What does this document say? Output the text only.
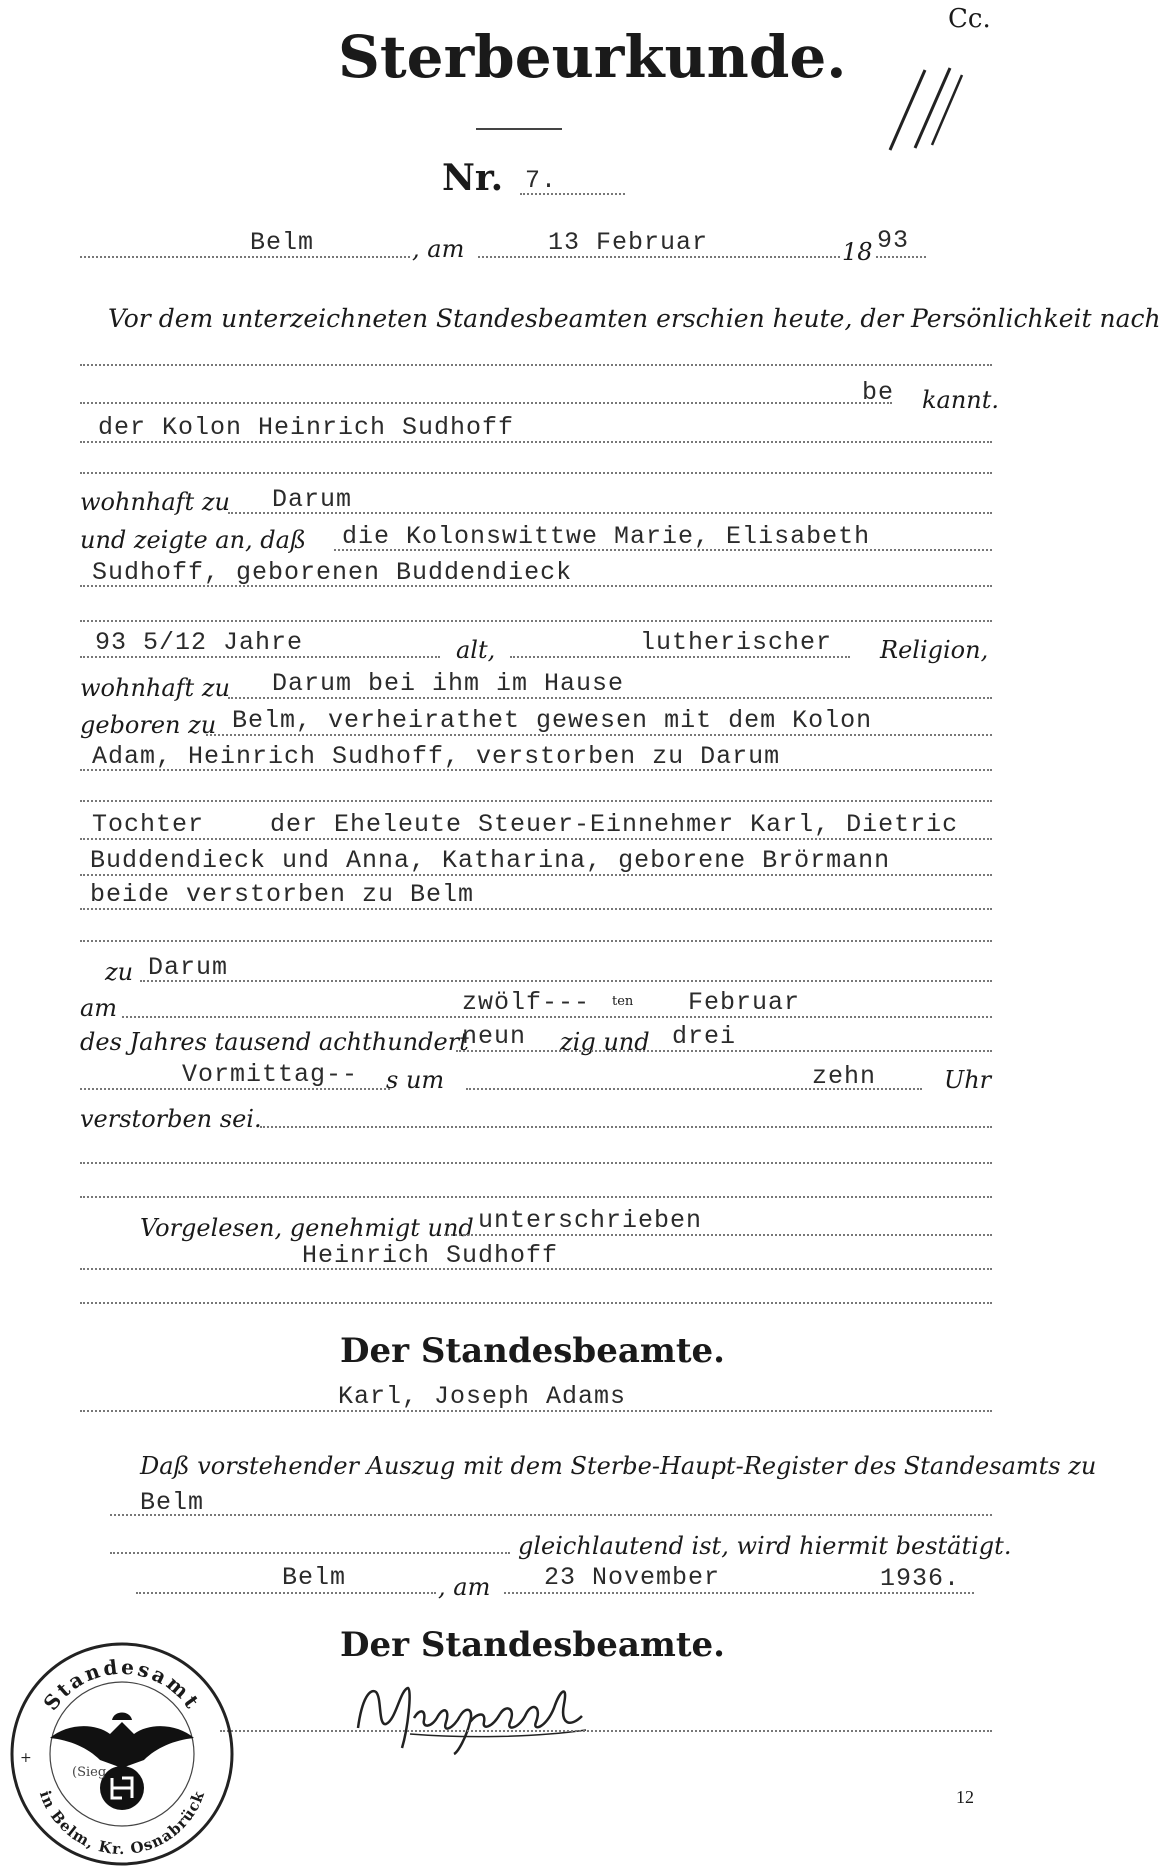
Cc.
Sterbeurkunde.
Nr. 7.
Belm	, am	13 Februar	18 93
Vor dem unterzeichneten Standesbeamten erschien heute, der Persönlichkeit nach
be kannt.
der Kolon Heinrich Sudhoff
wohnhaft zu Darum
und zeigte an, daß die Kolonswittwe Marie, Elisabeth
Sudhoff, geborenen Buddendieck
93 5/12 Jahre	alt,	lutherischer Religion,
wohnhaft zu Darum bei ihm im Hause
geboren zu Belm, verheirathet gewesen mit dem Kolon
Adam, Heinrich Sudhoff, verstorben zu Darum
Tochter	der Eheleute Steuer-Einnehmer Karl, Dietric
Buddendieck und Anna, Katharina, geborene Brörmann
beide verstorben zu Belm
zu Darum
am	zwölf--- ten Februar
des Jahres tausend achthundert
neun zig und drei
Vormittag-- s um	zehn	Uhr
verstorben sei.
Vorgelesen, genehmigt und unterschrieben
Heinrich Sudhoff
Der Standesbeamte.
Karl, Joseph Adams
Daß vorstehender Auszug mit dem Sterbe-Haupt-Register des Standesamts zu
Belm
gleichlautend ist, wird hiermit bestätigt.
Belm	, am 23 November	1936.
Der Standesbeamte.
Standesamt
in Belm, Kr. Osnabrück
(Sieg
+
12
